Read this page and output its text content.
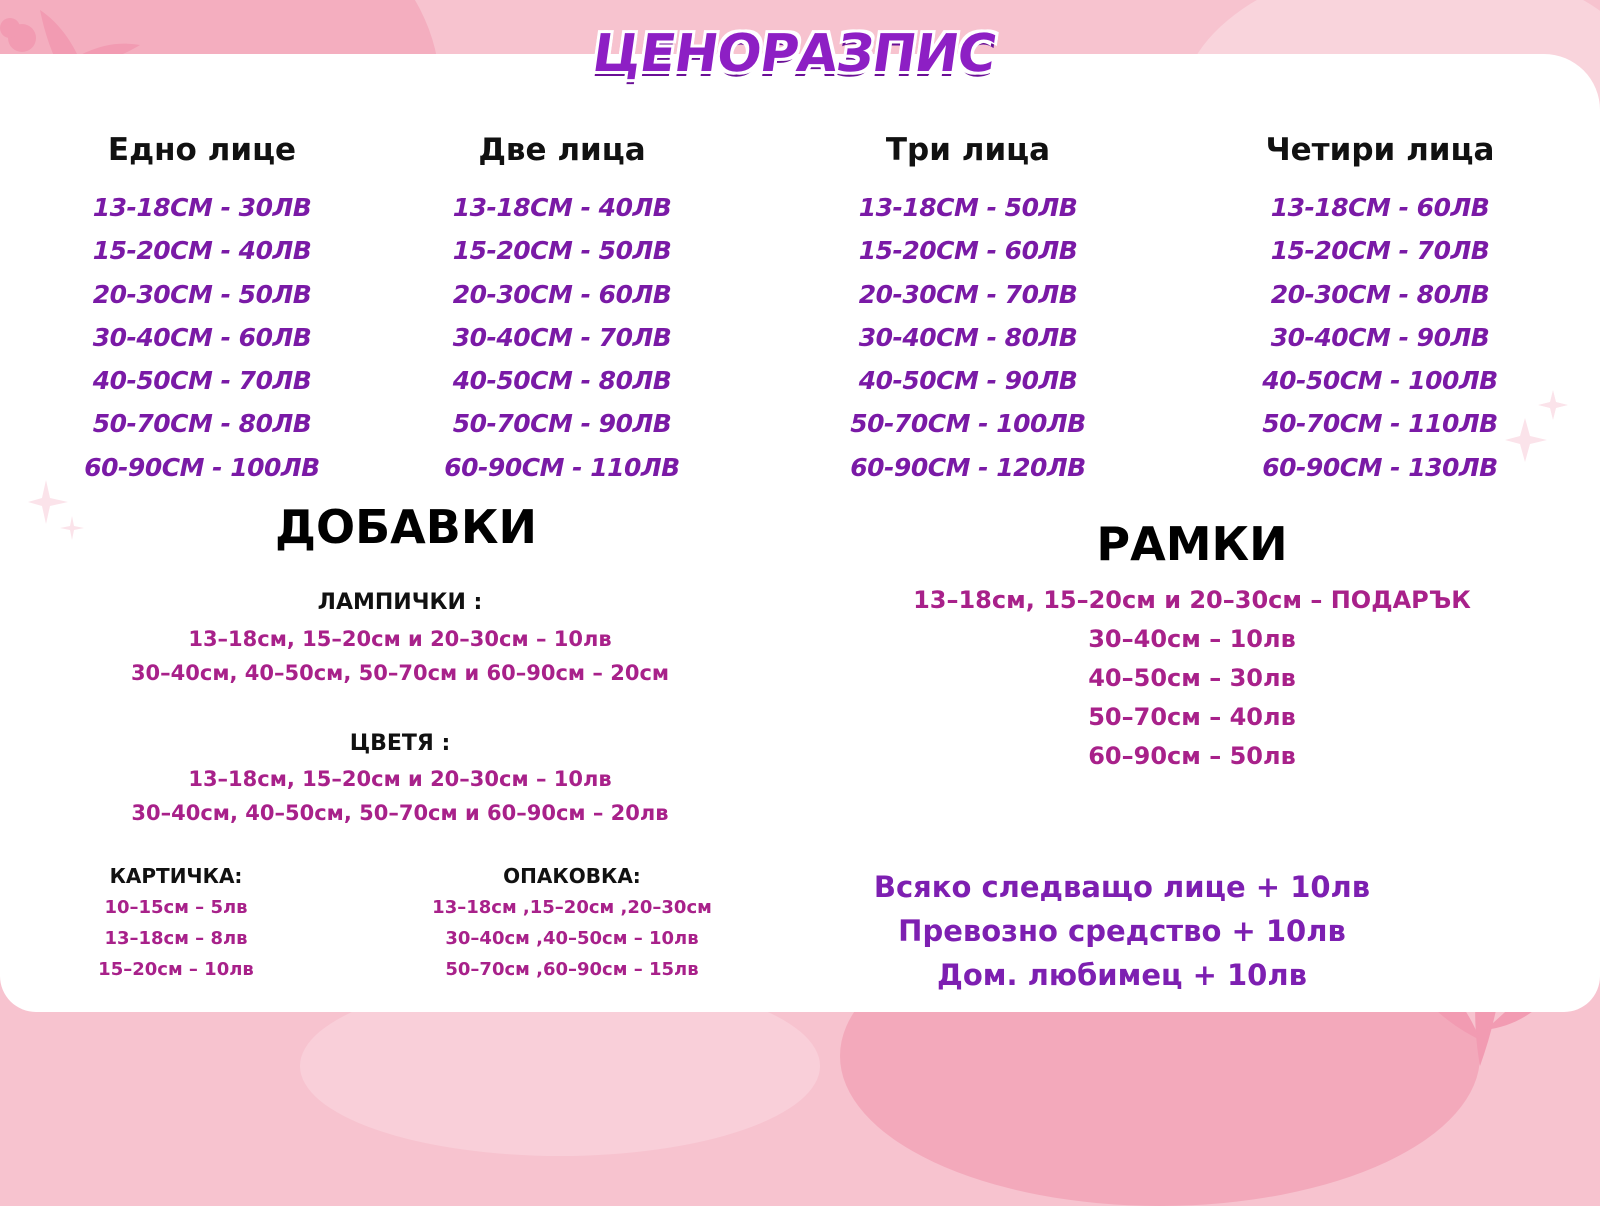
ЦЕНОРАЗПИС
Едно лице
13-18CM - 30ЛВ
15-20CM - 40ЛВ
20-30CM - 50ЛВ
30-40CM - 60ЛВ
40-50CM - 70ЛВ
50-70CM - 80ЛВ
60-90CM - 100ЛВ
Две лица
13-18CM - 40ЛВ
15-20CM - 50ЛВ
20-30CM - 60ЛВ
30-40CM - 70ЛВ
40-50CM - 80ЛВ
50-70CM - 90ЛВ
60-90CM - 110ЛВ
Три лица
13-18CM - 50ЛВ
15-20CM - 60ЛВ
20-30CM - 70ЛВ
30-40CM - 80ЛВ
40-50CM - 90ЛВ
50-70CM - 100ЛВ
60-90CM - 120ЛВ
Четири лица
13-18CM - 60ЛВ
15-20CM - 70ЛВ
20-30CM - 80ЛВ
30-40CM - 90ЛВ
40-50CM - 100ЛВ
50-70CM - 110ЛВ
60-90CM - 130ЛВ
ДОБАВКИ
ЛАМПИЧКИ :
13–18см, 15–20см и 20–30см – 10лв
30–40см, 40–50см, 50–70см и 60–90см – 20см
ЦВЕТЯ :
13–18см, 15–20см и 20–30см – 10лв
30–40см, 40–50см, 50–70см и 60–90см – 20лв
КАРТИЧКА:
10–15см – 5лв
13–18см – 8лв
15–20см – 10лв
ОПАКОВКА:
13–18см ,15–20см ,20–30см
30–40см ,40–50см – 10лв
50–70см ,60–90см – 15лв
РАМКИ
13–18см, 15–20см и 20–30см – ПОДАРЪК
30–40см – 10лв
40–50см – 30лв
50–70см – 40лв
60–90см – 50лв
Всяко следващо лице + 10лв
Превозно средство + 10лв
Дом. любимец + 10лв
